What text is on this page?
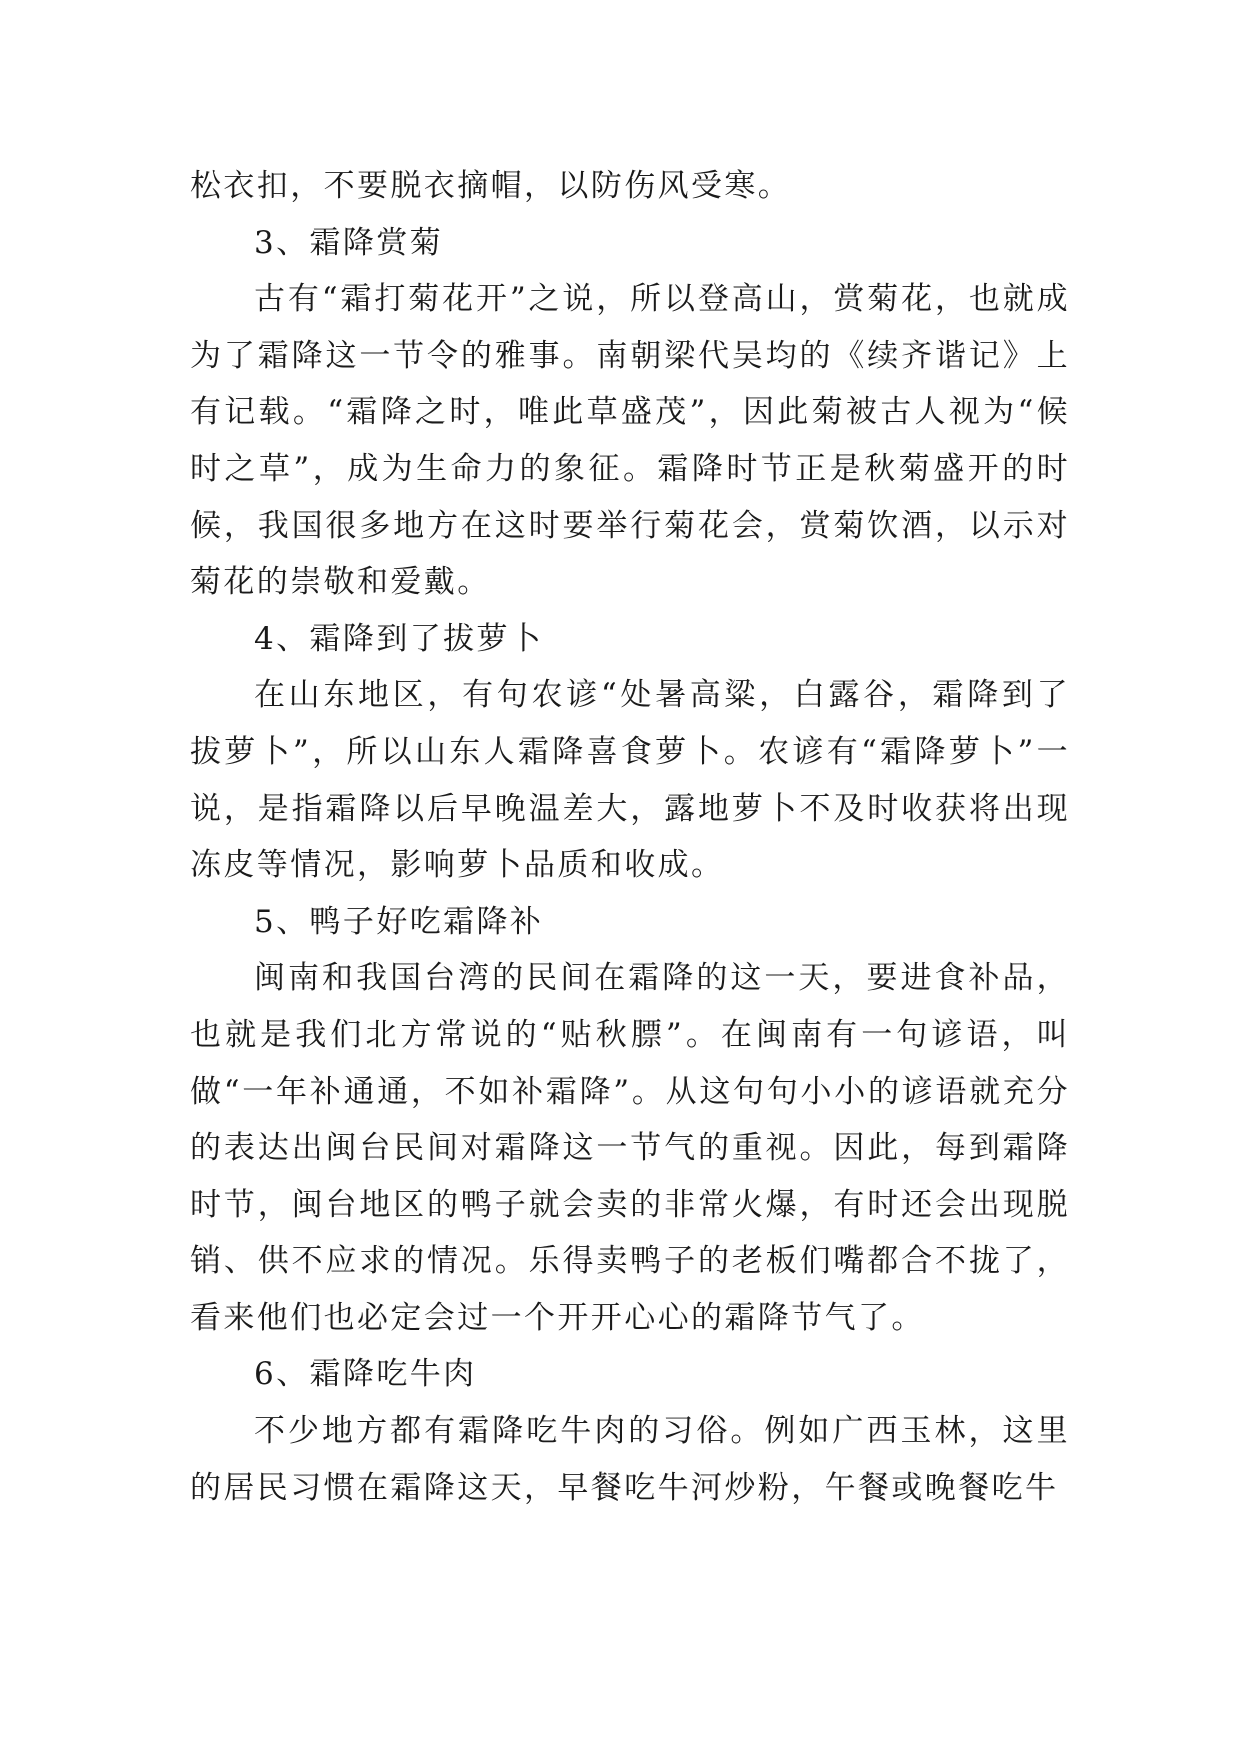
松衣扣，不要脱衣摘帽，以防伤风受寒。

3、霜降赏菊

古有“霜打菊花开”之说，所以登高山，赏菊花，也就成为了霜降这一节令的雅事。南朝梁代吴均的《续齐谐记》上有记载。“霜降之时，唯此草盛茂”，因此菊被古人视为“候时之草”，成为生命力的象征。霜降时节正是秋菊盛开的时候，我国很多地方在这时要举行菊花会，赏菊饮酒，以示对菊花的崇敬和爱戴。

4、霜降到了拔萝卜

在山东地区，有句农谚“处暑高粱，白露谷，霜降到了拔萝卜”，所以山东人霜降喜食萝卜。农谚有“霜降萝卜”一说，是指霜降以后早晚温差大，露地萝卜不及时收获将出现冻皮等情况，影响萝卜品质和收成。

5、鸭子好吃霜降补

闽南和我国台湾的民间在霜降的这一天，要进食补品，也就是我们北方常说的“贴秋膘”。在闽南有一句谚语，叫做“一年补通通，不如补霜降”。从这句句小小的谚语就充分的表达出闽台民间对霜降这一节气的重视。因此，每到霜降时节，闽台地区的鸭子就会卖的非常火爆，有时还会出现脱销、供不应求的情况。乐得卖鸭子的老板们嘴都合不拢了，看来他们也必定会过一个开开心心的霜降节气了。

6、霜降吃牛肉

不少地方都有霜降吃牛肉的习俗。例如广西玉林，这里的居民习惯在霜降这天，早餐吃牛河炒粉，午餐或晚餐吃牛
